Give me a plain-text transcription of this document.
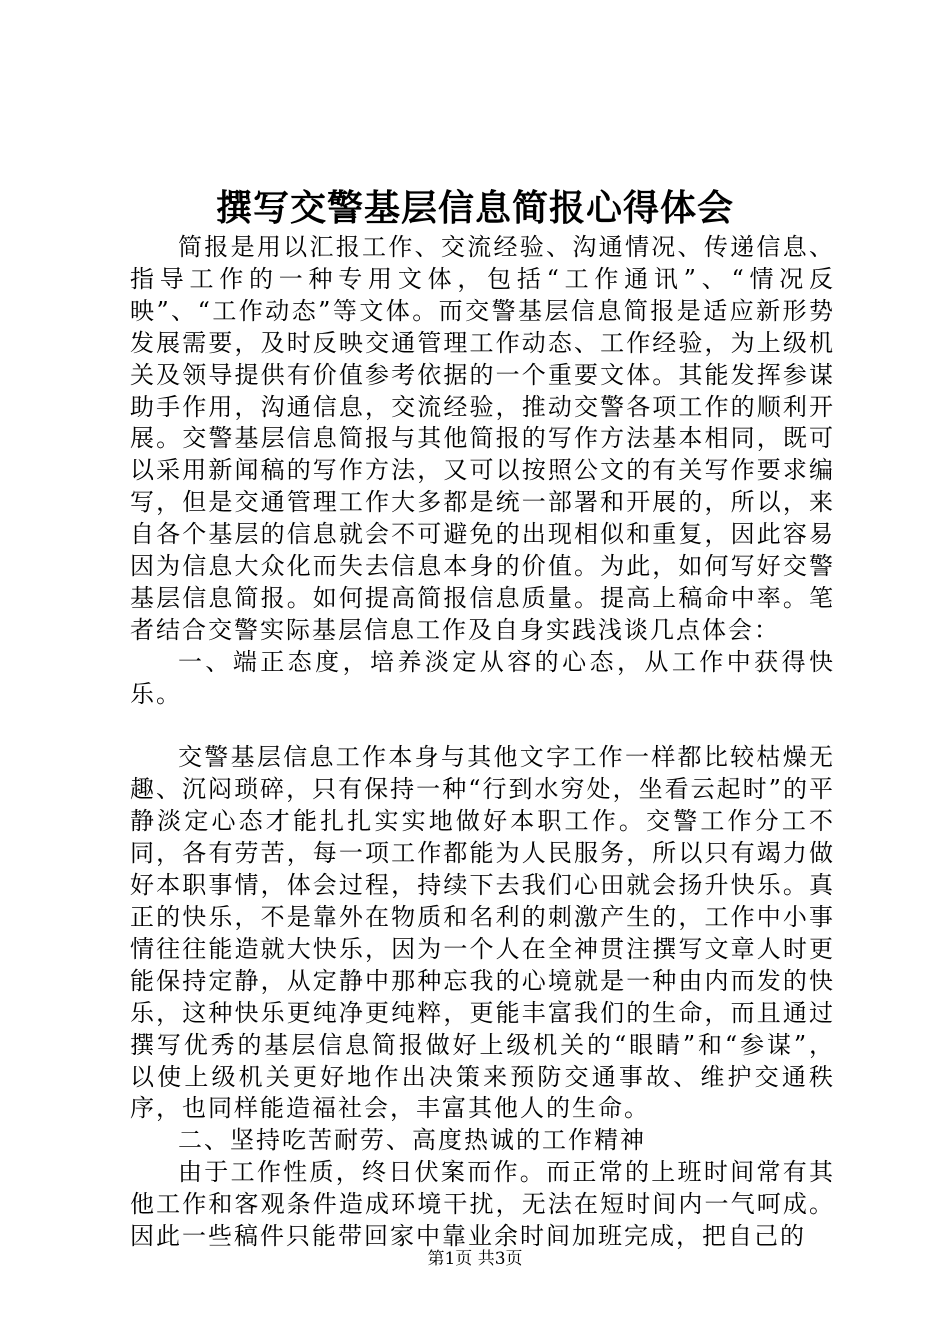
撰写交警基层信息简报心得体会

简报是用以汇报工作、交流经验、沟通情况、传递信息、指导工作的一种专用文体，包括“工作通讯”、“情况反映”、“工作动态”等文体。而交警基层信息简报是适应新形势发展需要，及时反映交通管理工作动态、工作经验，为上级机关及领导提供有价值参考依据的一个重要文体。其能发挥参谋助手作用，沟通信息，交流经验，推动交警各项工作的顺利开展。交警基层信息简报与其他简报的写作方法基本相同，既可以采用新闻稿的写作方法，又可以按照公文的有关写作要求编写，但是交通管理工作大多都是统一部署和开展的，所以，来自各个基层的信息就会不可避免的出现相似和重复，因此容易因为信息大众化而失去信息本身的价值。为此，如何写好交警基层信息简报。如何提高简报信息质量。提高上稿命中率。笔者结合交警实际基层信息工作及自身实践浅谈几点体会：

一、端正态度，培养淡定从容的心态，从工作中获得快乐。

交警基层信息工作本身与其他文字工作一样都比较枯燥无趣、沉闷琐碎，只有保持一种“行到水穷处，坐看云起时”的平静淡定心态才能扎扎实实地做好本职工作。交警工作分工不同，各有劳苦，每一项工作都能为人民服务，所以只有竭力做好本职事情，体会过程，持续下去我们心田就会扬升快乐。真正的快乐，不是靠外在物质和名利的刺激产生的，工作中小事情往往能造就大快乐，因为一个人在全神贯注撰写文章人时更能保持定静，从定静中那种忘我的心境就是一种由内而发的快乐，这种快乐更纯净更纯粹，更能丰富我们的生命，而且通过撰写优秀的基层信息简报做好上级机关的“眼睛”和“参谋”，以使上级机关更好地作出决策来预防交通事故、维护交通秩序，也同样能造福社会，丰富其他人的生命。

二、坚持吃苦耐劳、高度热诚的工作精神

由于工作性质，终日伏案而作。而正常的上班时间常有其他工作和客观条件造成环境干扰，无法在短时间内一气呵成。因此一些稿件只能带回家中靠业余时间加班完成，把自己的

第1页 共3页
